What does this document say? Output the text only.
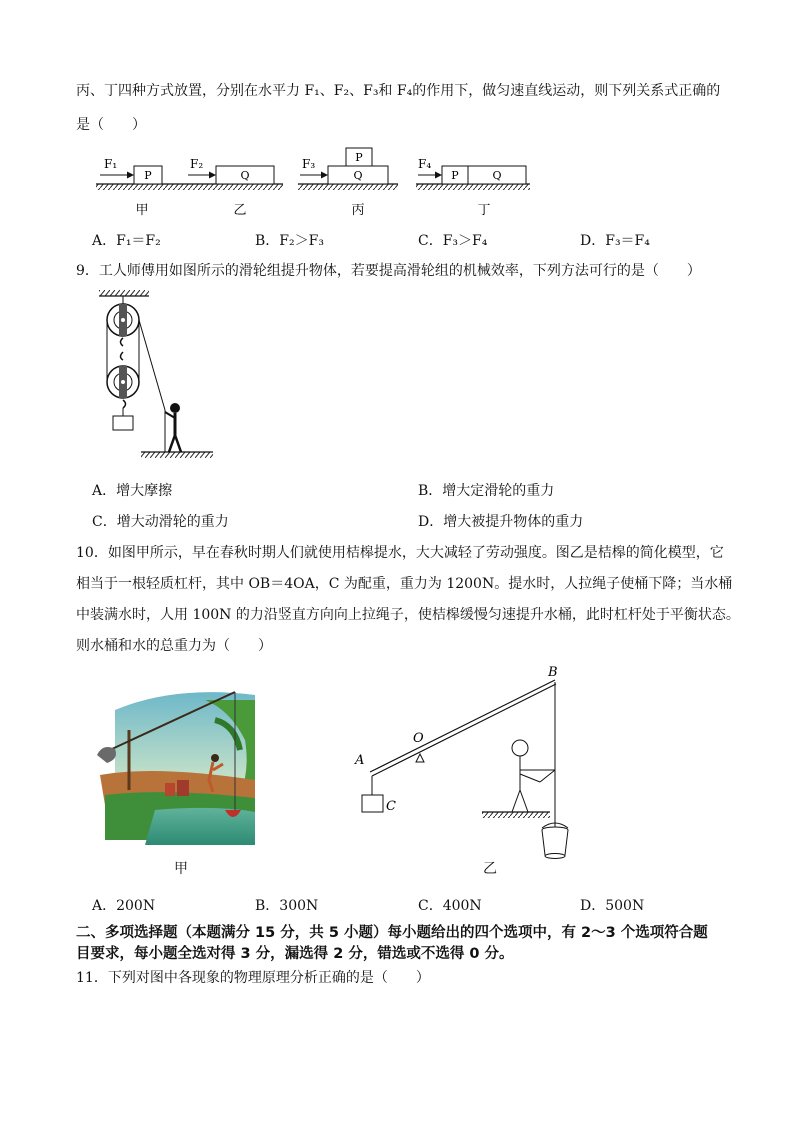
丙、丁四种方式放置，分别在水平力 F₁、F₂、F₃和 F₄的作用下，做匀速直线运动，则下列关系式正确的
是（　　）
P
F₁
Q
F₂
Q
P
F₃
P	Q
F₄
甲	乙	丙	丁
A．F₁＝F₂	B．F₂＞F₃	C．F₃＞F₄	D．F₃＝F₄
9．工人师傅用如图所示的滑轮组提升物体，若要提高滑轮组的机械效率，下列方法可行的是（　　）
A．增大摩擦	B．增大定滑轮的重力
C．增大动滑轮的重力	D．增大被提升物体的重力
10．如图甲所示，早在春秋时期人们就使用桔槔提水，大大减轻了劳动强度。图乙是桔槔的简化模型，它
相当于一根轻质杠杆，其中 OB＝4OA，C 为配重，重力为 1200N。提水时，人拉绳子使桶下降；当水桶
中装满水时，人用 100N 的力沿竖直方向向上拉绳子，使桔槔缓慢匀速提升水桶，此时杠杆处于平衡状态。
则水桶和水的总重力为（　　）
甲
A
O
B
C
乙
A．200N	B．300N	C．400N	D．500N
二、多项选择题（本题满分 15 分，共 5 小题）每小题给出的四个选项中，有 2～3 个选项符合题
目要求，每小题全选对得 3 分，漏选得 2 分，错选或不选得 0 分。
11．下列对图中各现象的物理原理分析正确的是（　　）
